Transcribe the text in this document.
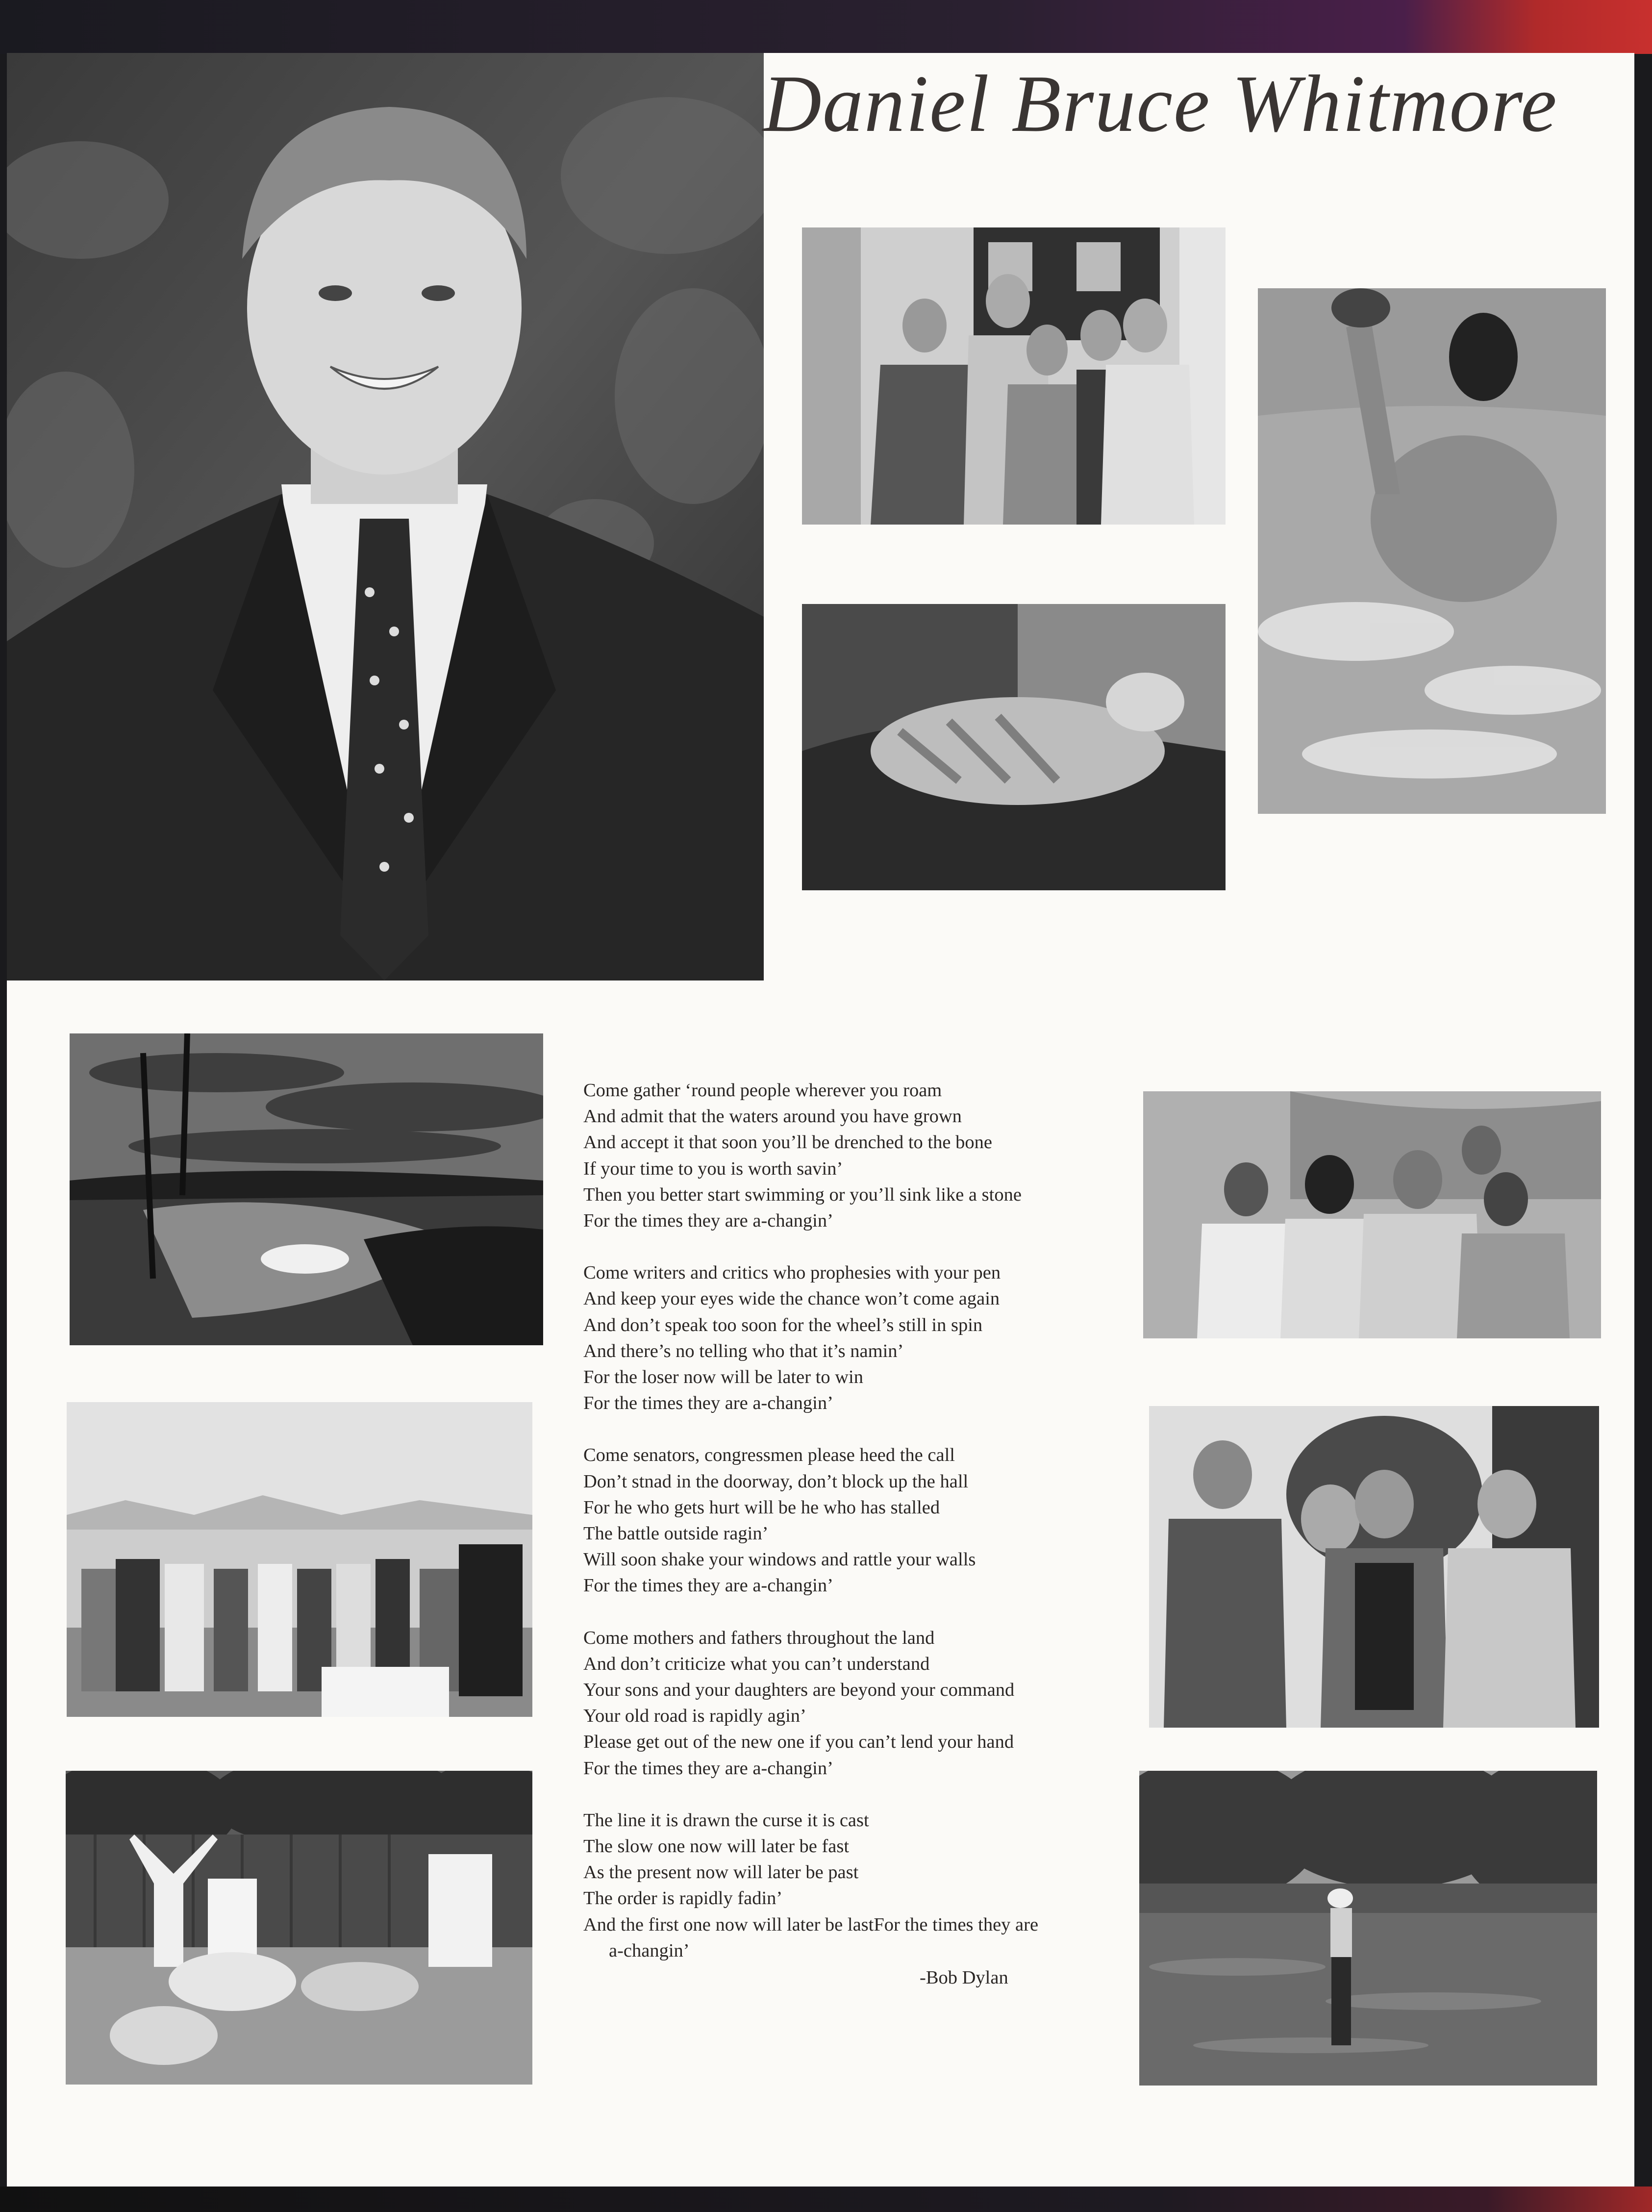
Daniel Bruce Whitmore
Come gather ‘round people wherever you roam
And admit that the waters around you have grown
And accept it that soon you’ll be drenched to the bone
If your time to you is worth savin’
Then you better start swimming or you’ll sink like a stone
For the times they are a-changin’
Come writers and critics who prophesies with your pen
And keep your eyes wide the chance won’t come again
And don’t speak too soon for the wheel’s still in spin
And there’s no telling who that it’s namin’
For the loser now will be later to win
For the times they are a-changin’
Come senators, congressmen please heed the call
Don’t stnad in the doorway, don’t block up the hall
For he who gets hurt will be he who has stalled
The battle outside ragin’
Will soon shake your windows and rattle your walls
For the times they are a-changin’
Come mothers and fathers throughout the land
And don’t criticize what you can’t understand
Your sons and your daughters are beyond your command
Your old road is rapidly agin’
Please get out of the new one if you can’t lend your hand
For the times they are a-changin’
The line it is drawn the curse it is cast
The slow one now will later be fast
As the present now will later be past
The order is rapidly fadin’
And the first one now will later be lastFor the times they are
a-changin’
-Bob Dylan
